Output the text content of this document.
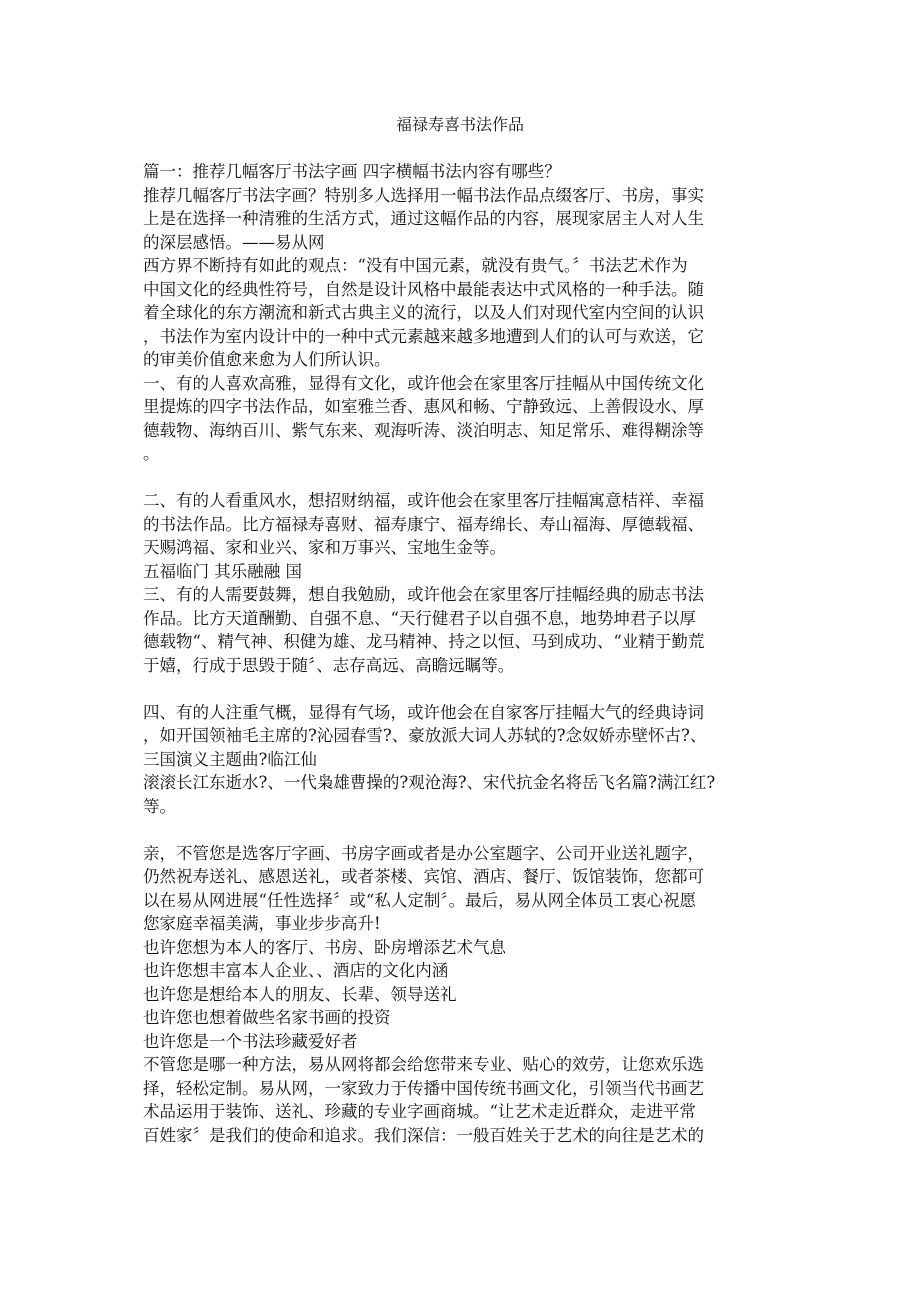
福禄寿喜书法作品
篇一：推荐几幅客厅书法字画 四字横幅书法内容有哪些？
推荐几幅客厅书法字画？特别多人选择用一幅书法作品点缀客厅、书房，事实
上是在选择一种清雅的生活方式，通过这幅作品的内容，展现家居主人对人生
的深层感悟。——易从网
西方界不断持有如此的观点：“没有中国元素，就没有贵气。〞书法艺术作为
中国文化的经典性符号，自然是设计风格中最能表达中式风格的一种手法。随
着全球化的东方潮流和新式古典主义的流行，以及人们对现代室内空间的认识
，书法作为室内设计中的一种中式元素越来越多地遭到人们的认可与欢送，它
的审美价值愈来愈为人们所认识。
一、有的人喜欢高雅，显得有文化，或许他会在家里客厅挂幅从中国传统文化
里提炼的四字书法作品，如室雅兰香、惠风和畅、宁静致远、上善假设水、厚
德载物、海纳百川、紫气东来、观海听涛、淡泊明志、知足常乐、难得糊涂等
。
二、有的人看重风水，想招财纳福，或许他会在家里客厅挂幅寓意桔祥、幸福
的书法作品。比方福禄寿喜财、福寿康宁、福寿绵长、寿山福海、厚德载福、
天赐鸿福、家和业兴、家和万事兴、宝地生金等。
五福临门 其乐融融 国
三、有的人需要鼓舞，想自我勉励，或许他会在家里客厅挂幅经典的励志书法
作品。比方天道酬勤、自强不息、“天行健君子以自强不息，地势坤君子以厚
德载物“、精气神、积健为雄、龙马精神、持之以恒、马到成功、“业精于勤荒
于嬉，行成于思毁于随〞、志存高远、高瞻远瞩等。
四、有的人注重气概，显得有气场，或许他会在自家客厅挂幅大气的经典诗词
，如开国领袖毛主席的?沁园春雪?、豪放派大词人苏轼的?念奴娇赤壁怀古?、
三国演义主题曲?临江仙
滚滚长江东逝水?、一代枭雄曹操的?观沧海?、宋代抗金名将岳飞名篇?满江红?
等。
亲，不管您是选客厅字画、书房字画或者是办公室题字、公司开业送礼题字，
仍然祝寿送礼、感恩送礼，或者茶楼、宾馆、酒店、餐厅、饭馆装饰，您都可
以在易从网进展“任性选择〞或“私人定制〞。最后，易从网全体员工衷心祝愿
您家庭幸福美满，事业步步高升!
也许您想为本人的客厅、书房、卧房增添艺术气息
也许您想丰富本人企业、、酒店的文化内涵
也许您是想给本人的朋友、长辈、领导送礼
也许您也想着做些名家书画的投资
也许您是一个书法珍藏爱好者
不管您是哪一种方法，易从网将都会给您带来专业、贴心的效劳，让您欢乐选
择，轻松定制。易从网，一家致力于传播中国传统书画文化，引领当代书画艺
术品运用于装饰、送礼、珍藏的专业字画商城。“让艺术走近群众，走进平常
百姓家〞是我们的使命和追求。我们深信：一般百姓关于艺术的向往是艺术的
